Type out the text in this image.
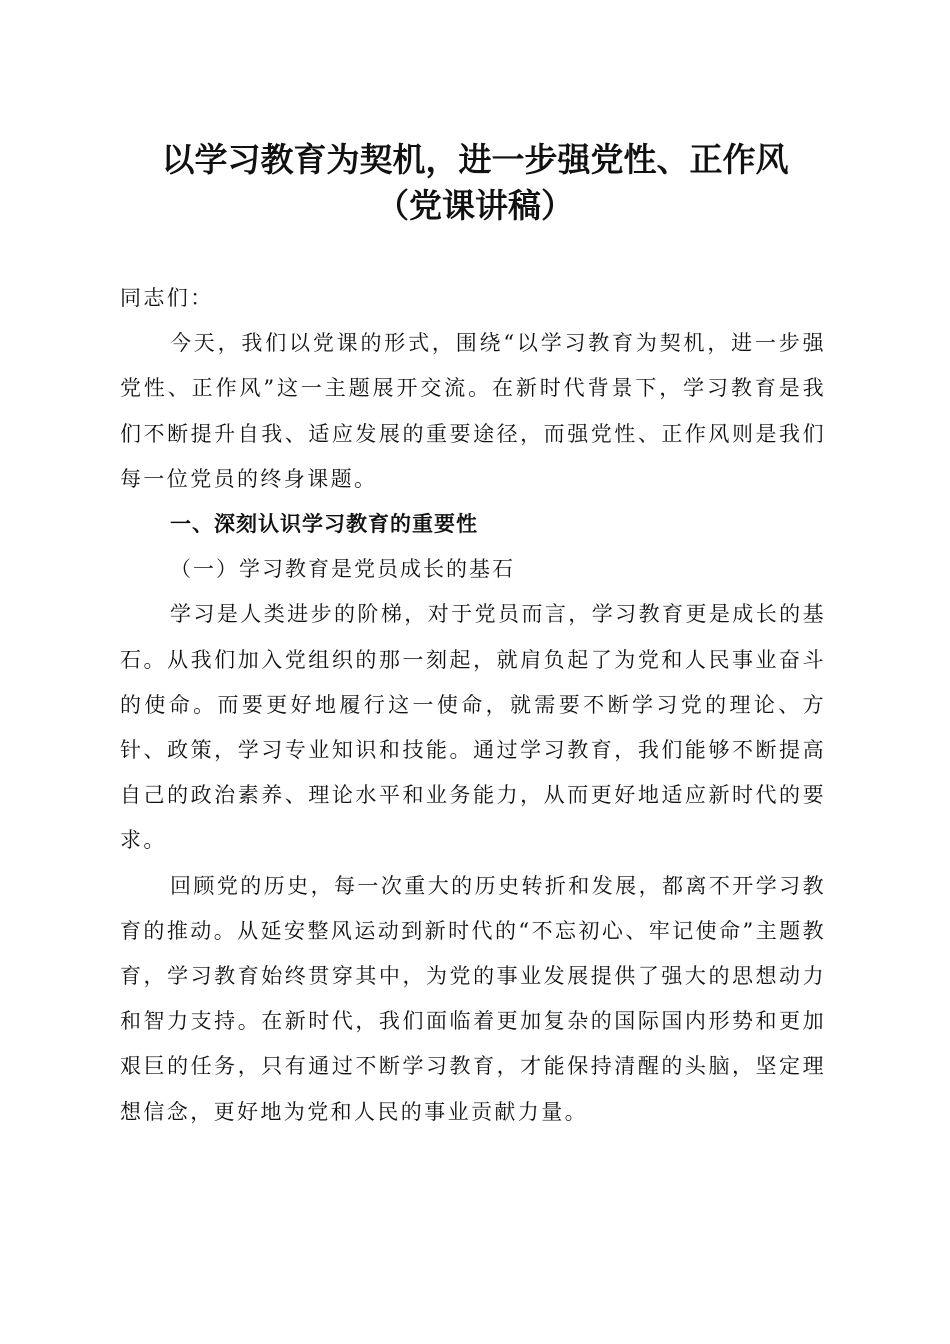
以学习教育为契机，进一步强党性、正作风
（党课讲稿）

同志们：

今天，我们以党课的形式，围绕“以学习教育为契机，进一步强党性、正作风”这一主题展开交流。在新时代背景下，学习教育是我们不断提升自我、适应发展的重要途径，而强党性、正作风则是我们每一位党员的终身课题。

一、深刻认识学习教育的重要性

（一）学习教育是党员成长的基石

学习是人类进步的阶梯，对于党员而言，学习教育更是成长的基石。从我们加入党组织的那一刻起，就肩负起了为党和人民事业奋斗的使命。而要更好地履行这一使命，就需要不断学习党的理论、方针、政策，学习专业知识和技能。通过学习教育，我们能够不断提高自己的政治素养、理论水平和业务能力，从而更好地适应新时代的要求。

回顾党的历史，每一次重大的历史转折和发展，都离不开学习教育的推动。从延安整风运动到新时代的“不忘初心、牢记使命”主题教育，学习教育始终贯穿其中，为党的事业发展提供了强大的思想动力和智力支持。在新时代，我们面临着更加复杂的国际国内形势和更加艰巨的任务，只有通过不断学习教育，才能保持清醒的头脑，坚定理想信念，更好地为党和人民的事业贡献力量。
